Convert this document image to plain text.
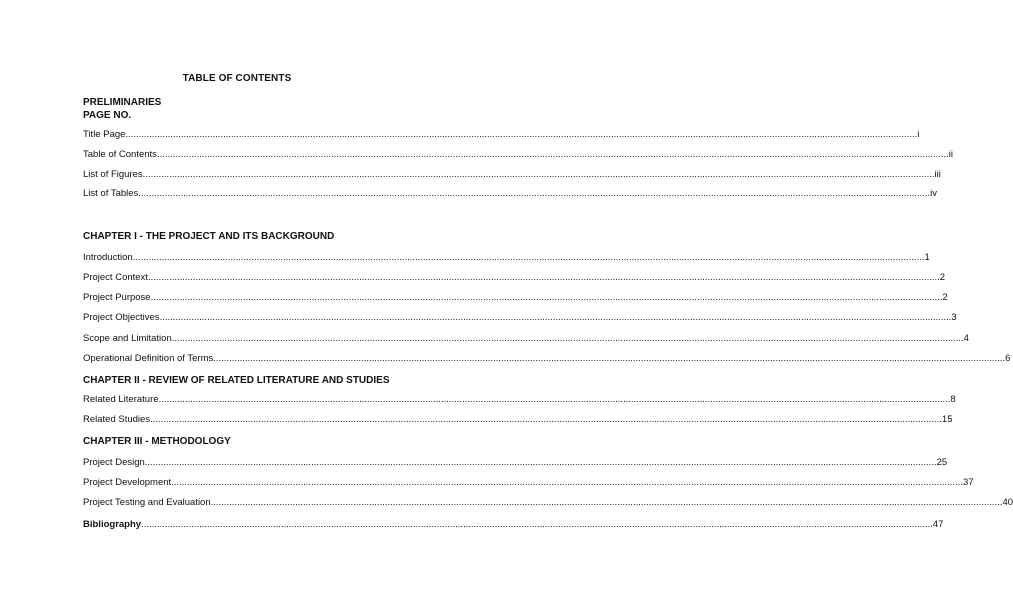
TABLE OF CONTENTS
PRELIMINARIES
PAGE NO.
Title Page ............................................................................................................................................................................................................................................................................................................ i
Table of Contents ............................................................................................................................................................................................................................................................................................................ ii
List of Figures ............................................................................................................................................................................................................................................................................................................ iii
List of Tables ............................................................................................................................................................................................................................................................................................................ iv
CHAPTER I - THE PROJECT AND ITS BACKGROUND
Introduction ............................................................................................................................................................................................................................................................................................................ 1
Project Context ............................................................................................................................................................................................................................................................................................................ 2
Project Purpose ............................................................................................................................................................................................................................................................................................................ 2
Project Objectives ............................................................................................................................................................................................................................................................................................................ 3
Scope and Limitation ............................................................................................................................................................................................................................................................................................................ 4
Operational Definition of Terms ............................................................................................................................................................................................................................................................................................................ 6
CHAPTER II - REVIEW OF RELATED LITERATURE AND STUDIES
Related Literature ............................................................................................................................................................................................................................................................................................................ 8
Related Studies ............................................................................................................................................................................................................................................................................................................ 15
CHAPTER III - METHODOLOGY
Project Design ............................................................................................................................................................................................................................................................................................................ 25
Project Development ............................................................................................................................................................................................................................................................................................................ 37
Project Testing and Evaluation ............................................................................................................................................................................................................................................................................................................ 40
Bibliography ............................................................................................................................................................................................................................................................................................................ 47
